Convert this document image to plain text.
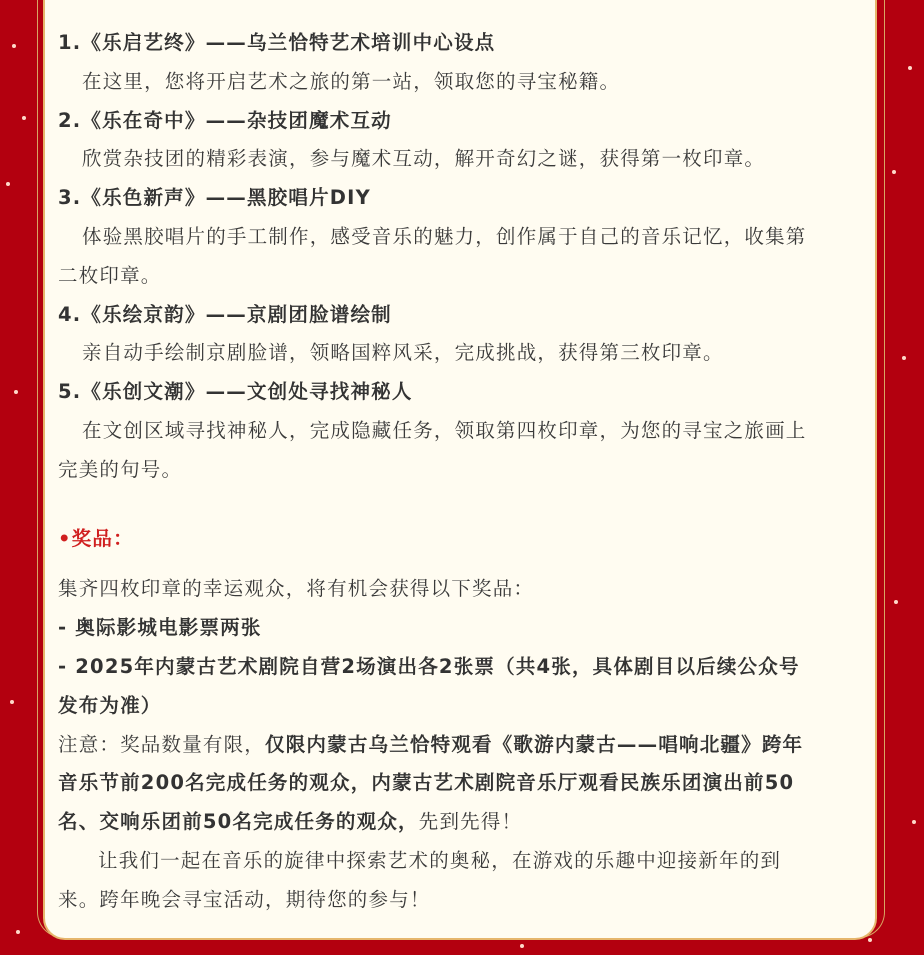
1.《乐启艺终》——乌兰恰特艺术培训中心设点
在这里，您将开启艺术之旅的第一站，领取您的寻宝秘籍。
2.《乐在奇中》——杂技团魔术互动
欣赏杂技团的精彩表演，参与魔术互动，解开奇幻之谜，获得第一枚印章。
3.《乐色新声》——黑胶唱片DIY
体验黑胶唱片的手工制作，感受音乐的魅力，创作属于自己的音乐记忆，收集第
二枚印章。
4.《乐绘京韵》——京剧团脸谱绘制
亲自动手绘制京剧脸谱，领略国粹风采，完成挑战，获得第三枚印章。
5.《乐创文潮》——文创处寻找神秘人
在文创区域寻找神秘人，完成隐藏任务，领取第四枚印章，为您的寻宝之旅画上
完美的句号。
•奖品：
集齐四枚印章的幸运观众，将有机会获得以下奖品：
- 奥际影城电影票两张
- 2025年内蒙古艺术剧院自营2场演出各2张票（共4张，具体剧目以后续公众号
发布为准）
注意：奖品数量有限，仅限内蒙古乌兰恰特观看《歌游内蒙古——唱响北疆》跨年
音乐节前200名完成任务的观众，内蒙古艺术剧院音乐厅观看民族乐团演出前50
名、交响乐团前50名完成任务的观众，先到先得！
让我们一起在音乐的旋律中探索艺术的奥秘，在游戏的乐趣中迎接新年的到
来。跨年晚会寻宝活动，期待您的参与！
